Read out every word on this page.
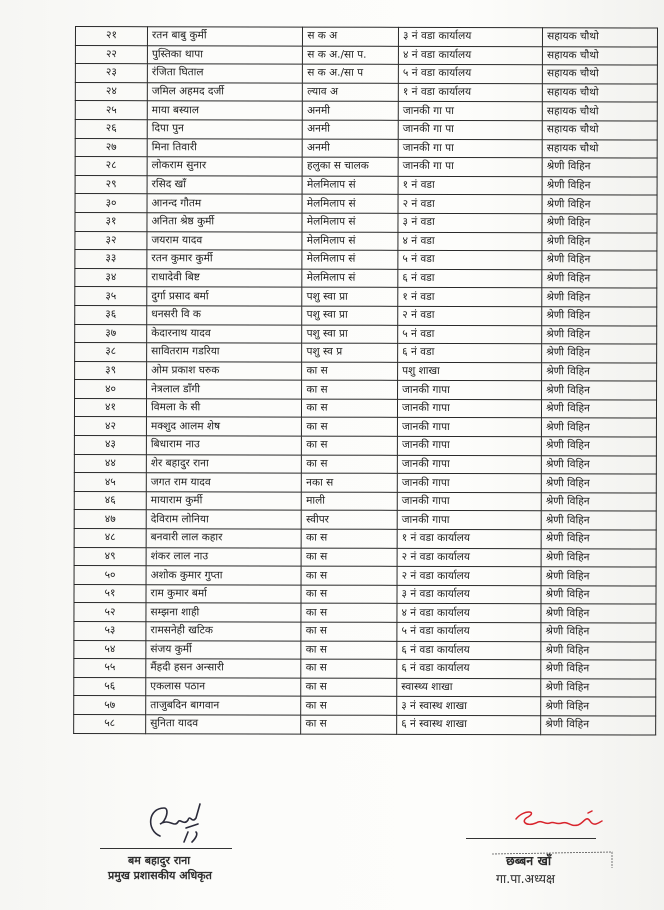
२१	रतन बाबु कुर्मी	स क अ	३ नं वडा कार्यालय	सहायक चौथो
२२	पुस्तिका थापा	स क अ./सा प.	४ नं वडा कार्यालय	सहायक चौथो
२३	रंजिता घिताल	स क अ./सा प	५ नं वडा कार्यालय	सहायक चौथो
२४	जमिल अहमद दर्जी	ल्याव अ	१ नं वडा कार्यालय	सहायक चौथो
२५	माया बस्याल	अनमी	जानकी गा पा	सहायक चौथो
२६	दिपा पुन	अनमी	जानकी गा पा	सहायक चौथो
२७	मिना तिवारी	अनमी	जानकी गा पा	सहायक चौथो
२८	लोकराम सुनार	हलुका स चालक	जानकी गा पा	श्रेणी विहिन
२९	रसिद खाँ	मेलमिलाप सं	१ नं वडा	श्रेणी विहिन
३०	आनन्द गौतम	मेलमिलाप सं	२ नं वडा	श्रेणी विहिन
३१	अनिता श्रेष्ठ कुर्मी	मेलमिलाप सं	३ नं वडा	श्रेणी विहिन
३२	जयराम यादव	मेलमिलाप सं	४ नं वडा	श्रेणी विहिन
३३	रतन कुमार कुर्मी	मेलमिलाप सं	५ नं वडा	श्रेणी विहिन
३४	राधादेवी बिष्ट	मेलमिलाप सं	६ नं वडा	श्रेणी विहिन
३५	दुर्गा प्रसाद बर्मा	पशु स्वा प्रा	१ नं वडा	श्रेणी विहिन
३६	धनसरी वि क	पशु स्वा प्रा	२ नं वडा	श्रेणी विहिन
३७	केदारनाथ यादव	पशु स्वा प्रा	५ नं वडा	श्रेणी विहिन
३८	सावितराम गडरिया	पशु स्व प्र	६ नं वडा	श्रेणी विहिन
३९	ओम प्रकाश घरुक	का स	पशु शाखा	श्रेणी विहिन
४०	नेत्रलाल डाँगी	का स	जानकी गापा	श्रेणी विहिन
४१	विमला के सी	का स	जानकी गापा	श्रेणी विहिन
४२	मक्शुद आलम शेष	का स	जानकी गापा	श्रेणी विहिन
४३	बिधाराम नाउ	का स	जानकी गापा	श्रेणी विहिन
४४	शेर बहादुर राना	का स	जानकी गापा	श्रेणी विहिन
४५	जगत राम यादव	नका स	जानकी गापा	श्रेणी विहिन
४६	मायाराम कुर्मी	माली	जानकी गापा	श्रेणी विहिन
४७	देविराम लोनिया	स्वीपर	जानकी गापा	श्रेणी विहिन
४८	बनवारी लाल कहार	का स	१ नं वडा कार्यालय	श्रेणी विहिन
४९	शंकर लाल नाउ	का स	२ नं वडा कार्यालय	श्रेणी विहिन
५०	अशोक कुमार गुप्ता	का स	२ नं वडा कार्यालय	श्रेणी विहिन
५१	राम कुमार बर्मा	का स	३ नं वडा कार्यालय	श्रेणी विहिन
५२	सम्झना शाही	का स	४ नं वडा कार्यालय	श्रेणी विहिन
५३	रामसनेही खटिक	का स	५ नं वडा कार्यालय	श्रेणी विहिन
५४	संजय कुर्मी	का स	६ नं वडा कार्यालय	श्रेणी विहिन
५५	मैंहदी हसन अन्सारी	का स	६ नं वडा कार्यालय	श्रेणी विहिन
५६	एकलास पठान	का स	स्वास्थ्य शाखा	श्रेणी विहिन
५७	ताजुबदिन बागवान	का स	३ नं स्वास्थ शाखा	श्रेणी विहिन
५८	सुनिता यादव	का स	६ नं स्वास्थ शाखा	श्रेणी विहिन
बम बहादुर राना
प्रमुख प्रशासकीय अधिकृत
छब्बन खाँ
गा.पा.अध्यक्ष
